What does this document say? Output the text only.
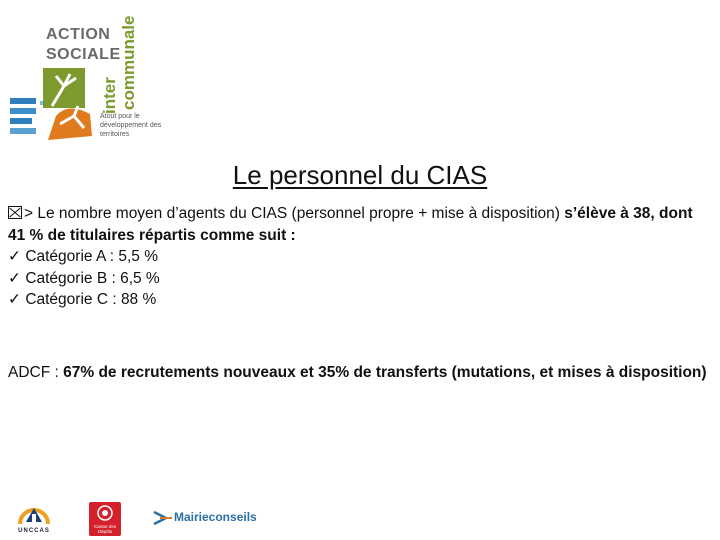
ACTION
SOCIALE
inter communale
Atout pour le développement des territoires
Le personnel du CIAS

> Le nombre moyen d’agents du CIAS (personnel propre + mise à disposition) s’élève à 38, dont 41 % de titulaires répartis comme suit :

✓ Catégorie A : 5,5 %

✓ Catégorie B : 6,5 %

✓ Catégorie C : 88 %

ADCF : 67% de recrutements nouveaux et 35% de transferts (mutations, et mises à disposition)

UNCCAS
Caisse des Dépôts
Mairieconseils
